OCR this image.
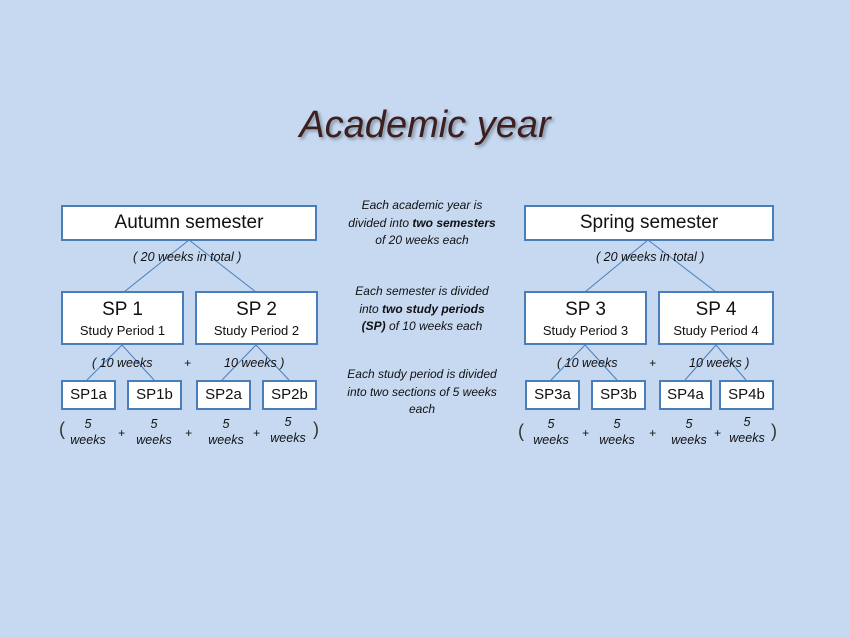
Academic year
Autumn semester
( 20 weeks in total )
SP 1
Study Period 1
SP 2
Study Period 2
( 10 weeks	+	10 weeks )
SP1a	SP1b	SP2a	SP2b
(	5
weeks +
5
weeks +
5
weeks +
5
weeks )
Each academic year is divided into two semesters of 20 weeks each
Each semester is divided into two study periods (SP) of 10 weeks each
Each study period is divided into two sections of 5 weeks each
Spring semester
( 20 weeks in total )
SP 3
Study Period 3
SP 4
Study Period 4
( 10 weeks	+	10 weeks )
SP3a	SP3b	SP4a	SP4b
(	5
weeks +
5
weeks +
5
weeks +
5
weeks )
